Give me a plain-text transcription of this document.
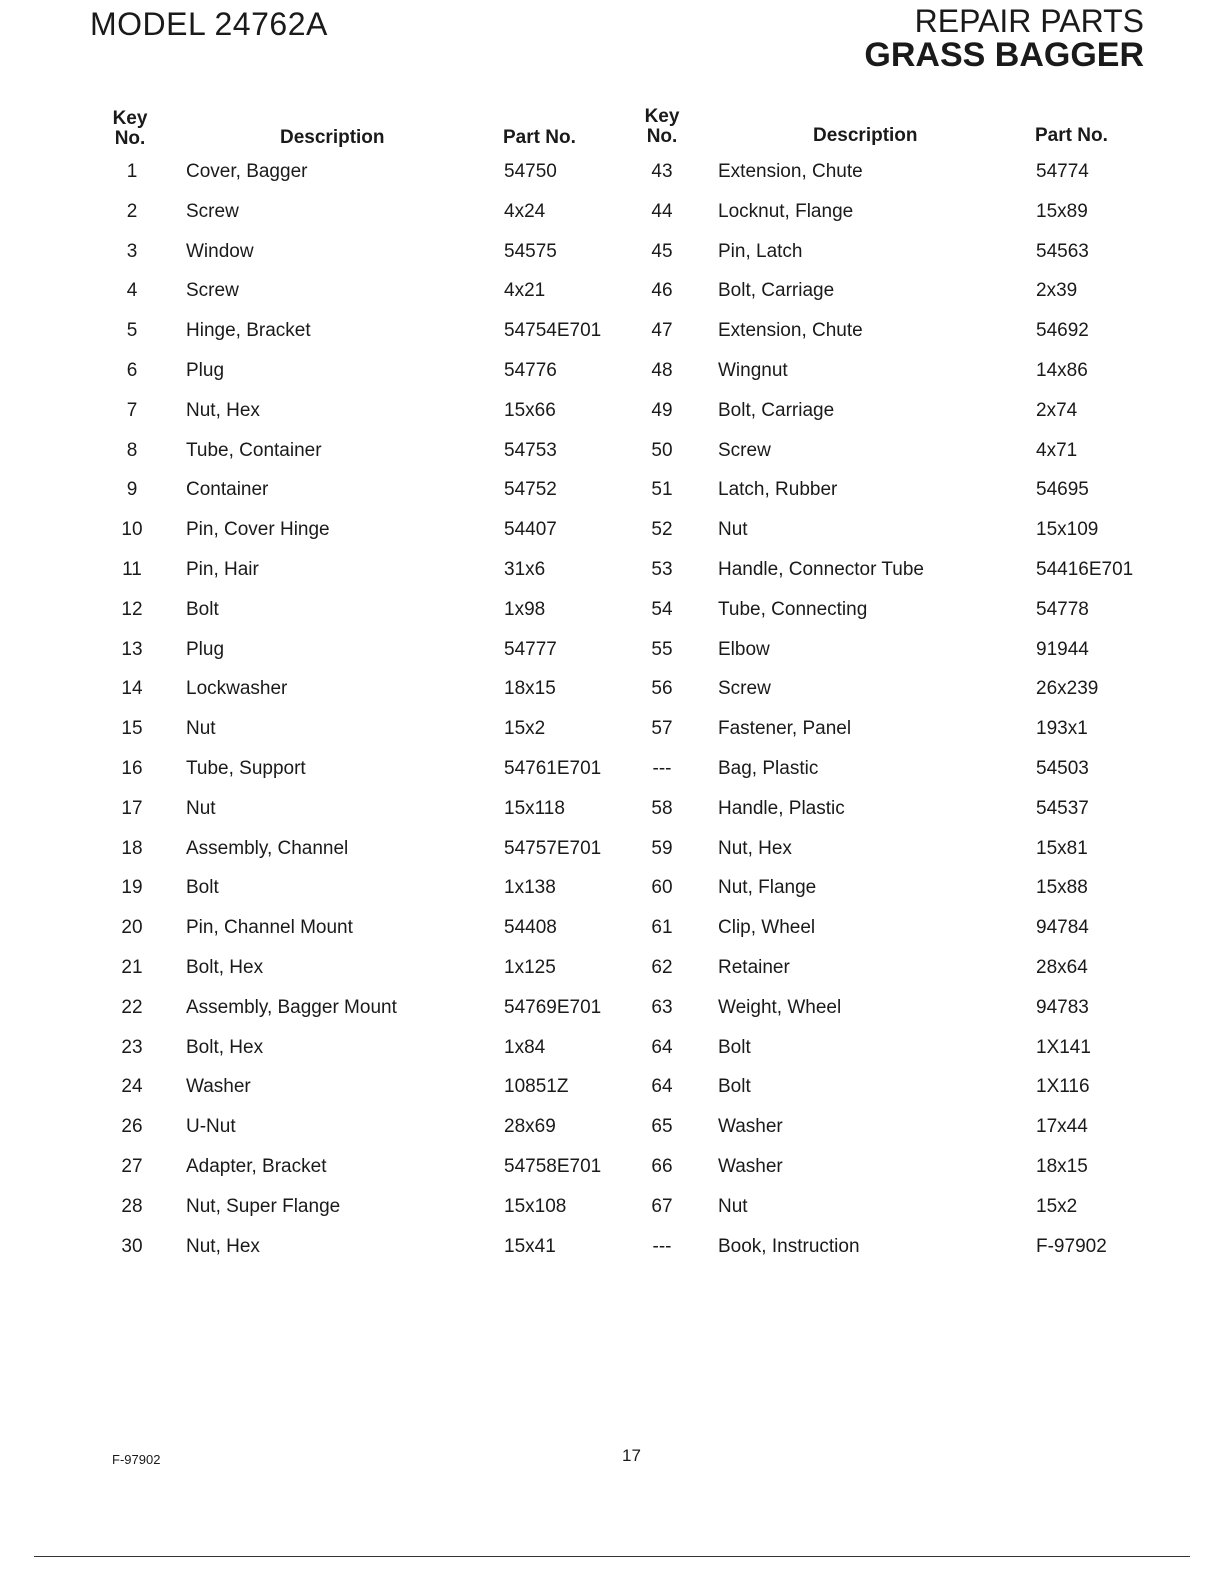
MODEL 24762A	REPAIR PARTS
GRASS BAGGER
Key
No.	Description	Part No.
Key
No.	Description	Part No.
1	Cover, Bagger	54750
2	Screw	4x24
3	Window	54575
4	Screw	4x21
5	Hinge, Bracket	54754E701
6	Plug	54776
7	Nut, Hex	15x66
8	Tube, Container	54753
9	Container	54752
10	Pin, Cover Hinge	54407
11	Pin, Hair	31x6
12	Bolt	1x98
13	Plug	54777
14	Lockwasher	18x15
15	Nut	15x2
16	Tube, Support	54761E701
17	Nut	15x118
18	Assembly, Channel	54757E701
19	Bolt	1x138
20	Pin, Channel Mount	54408
21	Bolt, Hex	1x125
22	Assembly, Bagger Mount	54769E701
23	Bolt, Hex	1x84
24	Washer	10851Z
26	U-Nut	28x69
27	Adapter, Bracket	54758E701
28	Nut, Super Flange	15x108
30	Nut, Hex	15x41
43	Extension, Chute	54774
44	Locknut, Flange	15x89
45	Pin, Latch	54563
46	Bolt, Carriage	2x39
47	Extension, Chute	54692
48	Wingnut	14x86
49	Bolt, Carriage	2x74
50	Screw	4x71
51	Latch, Rubber	54695
52	Nut	15x109
53	Handle, Connector Tube	54416E701
54	Tube, Connecting	54778
55	Elbow	91944
56	Screw	26x239
57	Fastener, Panel	193x1
---	Bag, Plastic	54503
58	Handle, Plastic	54537
59	Nut, Hex	15x81
60	Nut, Flange	15x88
61	Clip, Wheel	94784
62	Retainer	28x64
63	Weight, Wheel	94783
64	Bolt	1X141
64	Bolt	1X116
65	Washer	17x44
66	Washer	18x15
67	Nut	15x2
---	Book, Instruction	F-97902
F-97902	17
